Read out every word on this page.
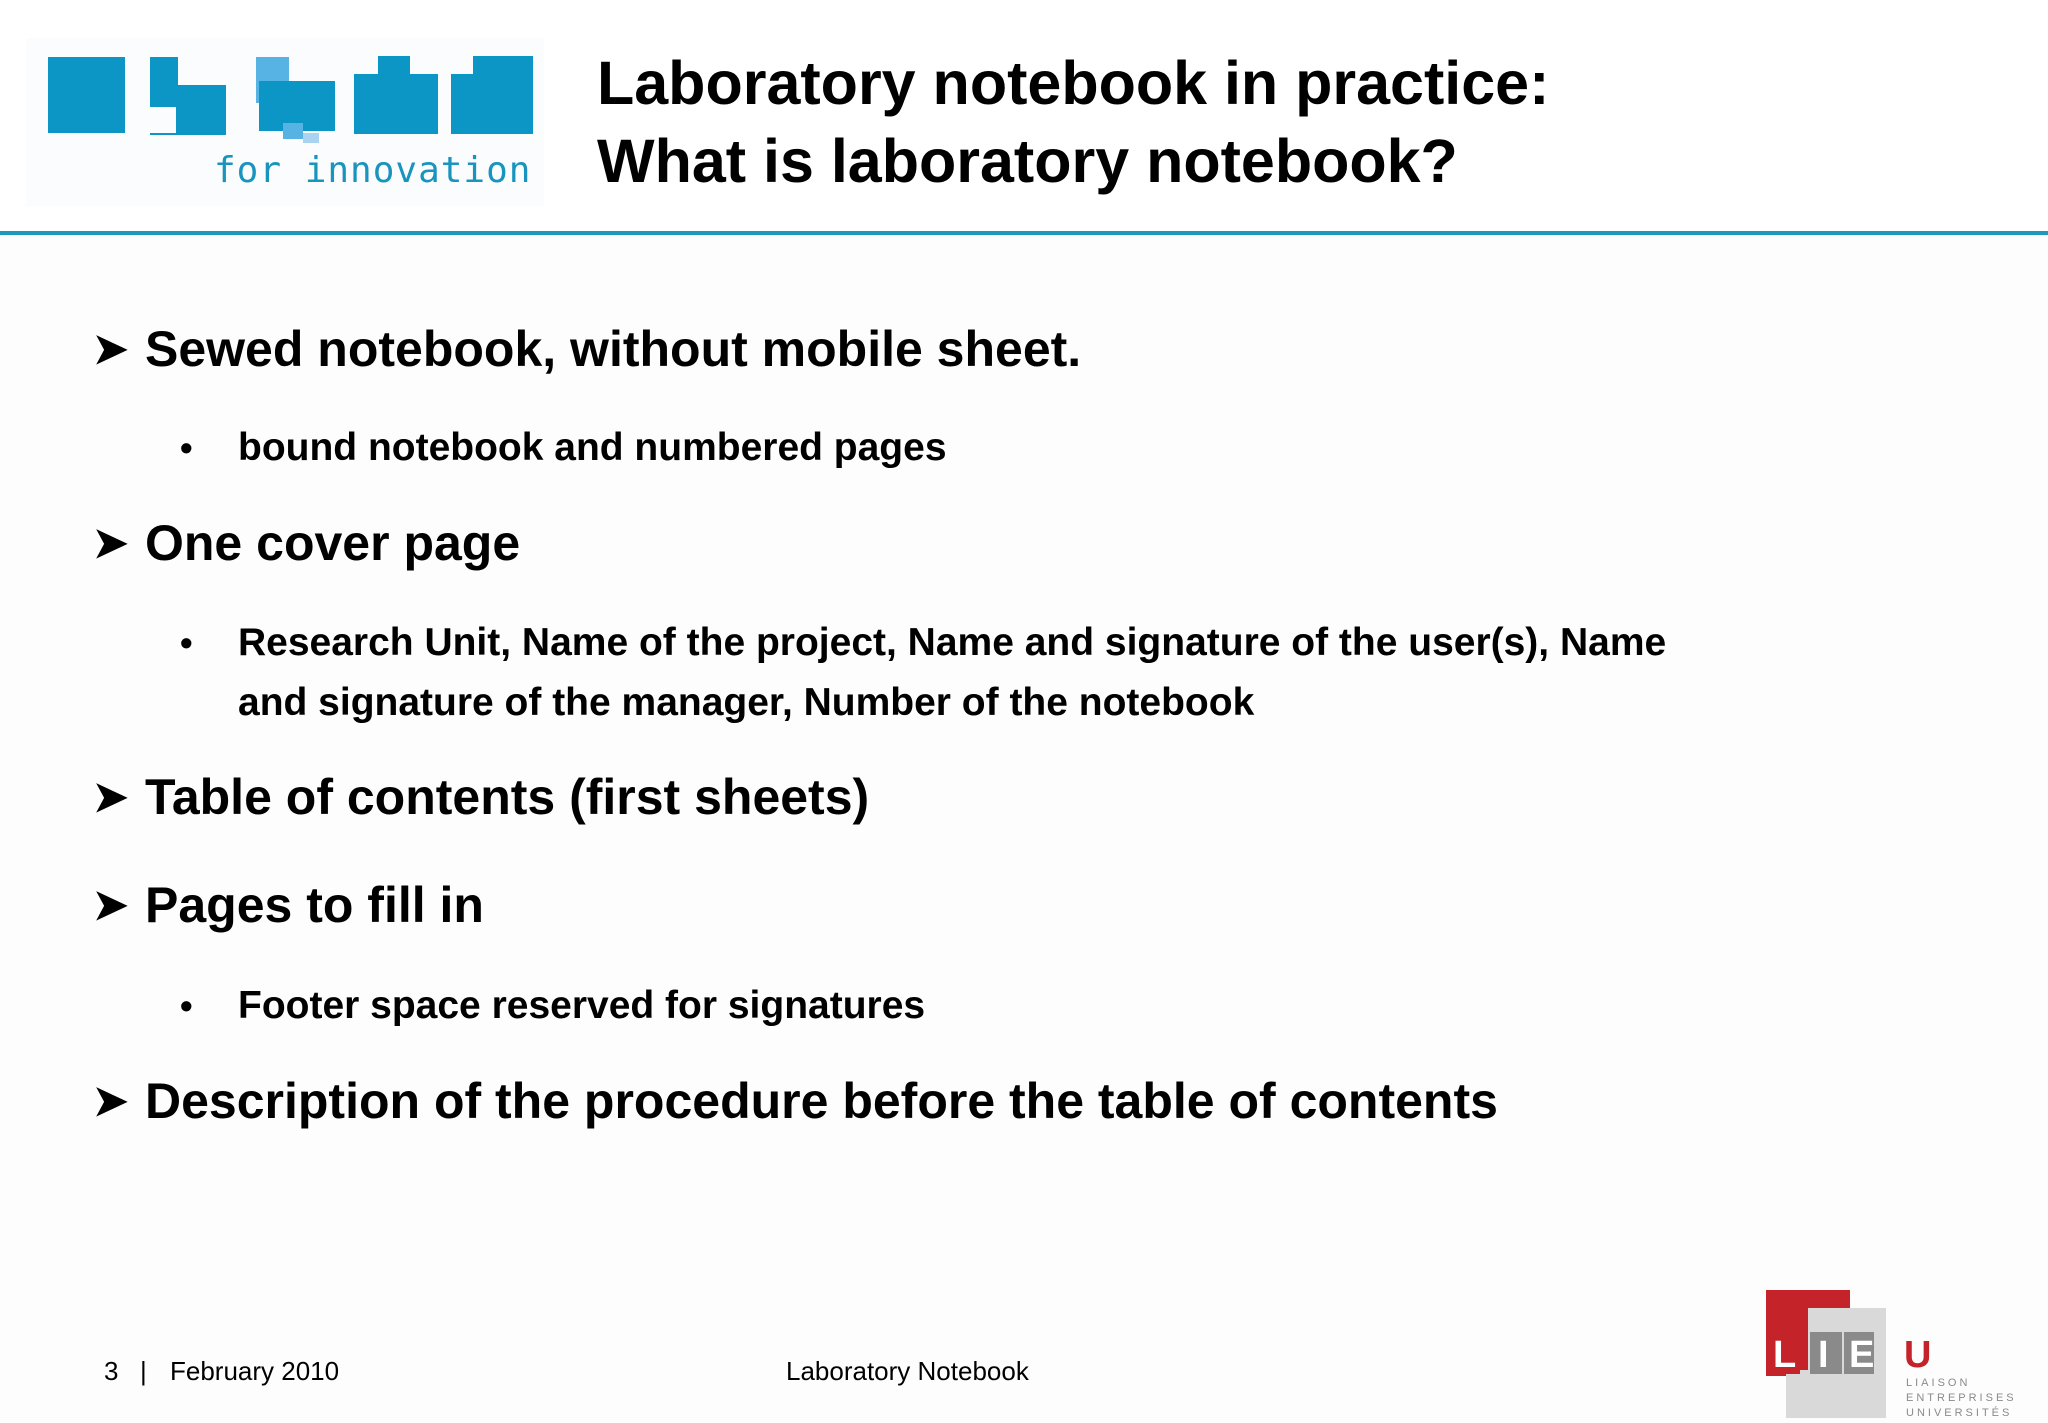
for innovation
Laboratory notebook in practice:
What is laboratory notebook?
➤ Sewed notebook, without mobile sheet.
• bound notebook and numbered pages
➤ One cover page
• Research Unit, Name of the project, Name and signature of the user(s), Name
and signature of the manager, Number of the notebook
➤ Table of contents (first sheets)
➤ Pages to fill in
• Footer space reserved for signatures
➤ Description of the procedure before the table of contents
3 | February 2010	Laboratory Notebook	L I E U
LIAISON
ENTREPRISES
UNIVERSITÉS
